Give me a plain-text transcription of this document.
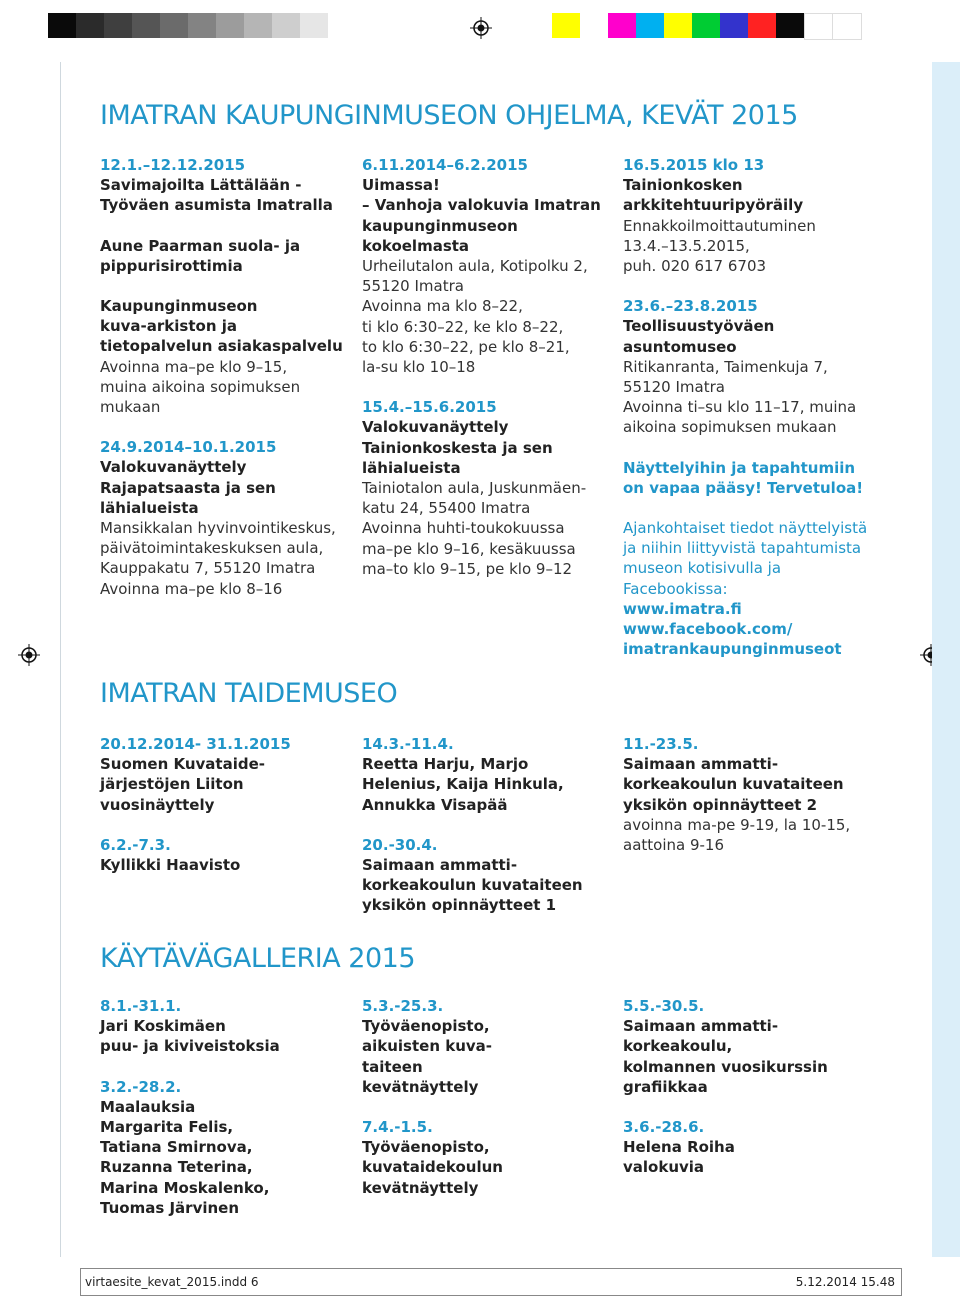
IMATRAN KAUPUNGINMUSEON OHJELMA, KEVÄT 2015
IMATRAN TAIDEMUSEO
KÄYTÄVÄGALLERIA 2015

12.1.–12.12.2015

Savimajoilta Lättälään -

Työväen asumista Imatralla

Aune Paarman suola- ja

pippurisirottimia

Kaupunginmuseon

kuva-arkiston ja

tietopalvelun asiakaspalvelu

Avoinna ma–pe klo 9–15,

muina aikoina sopimuksen

mukaan

24.9.2014–10.1.2015

Valokuvanäyttely

Rajapatsaasta ja sen

lähialueista

Mansikkalan hyvinvointikeskus,

päivätoimintakeskuksen aula,

Kauppakatu 7, 55120 Imatra

Avoinna ma–pe klo 8–16

6.11.2014–6.2.2015

Uimassa!

– Vanhoja valokuvia Imatran

kaupunginmuseon

kokoelmasta

Urheilutalon aula, Kotipolku 2,

55120 Imatra

Avoinna ma klo 8–22,

ti klo 6:30–22, ke klo 8–22,

to klo 6:30–22, pe klo 8–21,

la-su klo 10–18

15.4.–15.6.2015

Valokuvanäyttely

Tainionkoskesta ja sen

lähialueista

Tainiotalon aula, Juskunmäen-

katu 24, 55400 Imatra

Avoinna huhti-toukokuussa

ma–pe klo 9–16, kesäkuussa

ma–to klo 9–15, pe klo 9–12

16.5.2015 klo 13

Tainionkosken

arkkitehtuuripyöräily

Ennakkoilmoittautuminen

13.4.–13.5.2015,

puh. 020 617 6703

23.6.–23.8.2015

Teollisuustyöväen

asuntomuseo

Ritikanranta, Taimenkuja 7,

55120 Imatra

Avoinna ti–su klo 11–17, muina

aikoina sopimuksen mukaan

Näyttelyihin ja tapahtumiin

on vapaa pääsy! Tervetuloa!

Ajankohtaiset tiedot näyttelyistä

ja niihin liittyvistä tapahtumista

museon kotisivulla ja

Facebookissa:

www.imatra.fi

www.facebook.com/

imatrankaupunginmuseot

20.12.2014- 31.1.2015

Suomen Kuvataide-

järjestöjen Liiton

vuosinäyttely

6.2.-7.3.

Kyllikki Haavisto

14.3.-11.4.

Reetta Harju, Marjo

Helenius, Kaija Hinkula,

Annukka Visapää

20.-30.4.

Saimaan ammatti-

korkeakoulun kuvataiteen

yksikön opinnäytteet 1

11.-23.5.

Saimaan ammatti-

korkeakoulun kuvataiteen

yksikön opinnäytteet 2

avoinna ma-pe 9-19, la 10-15,

aattoina 9-16

8.1.-31.1.

Jari Koskimäen

puu- ja kiviveistoksia

3.2.-28.2.

Maalauksia

Margarita Felis,

Tatiana Smirnova,

Ruzanna Teterina,

Marina Moskalenko,

Tuomas Järvinen

5.3.-25.3.

Työväenopisto,

aikuisten kuva-

taiteen

kevätnäyttely

7.4.-1.5.

Työväenopisto,

kuvataidekoulun

kevätnäyttely

5.5.-30.5.

Saimaan ammatti-

korkeakoulu,

kolmannen vuosikurssin

grafiikkaa

3.6.-28.6.

Helena Roiha

valokuvia

virtaesite_kevat_2015.indd 6	5.12.2014 15.48
